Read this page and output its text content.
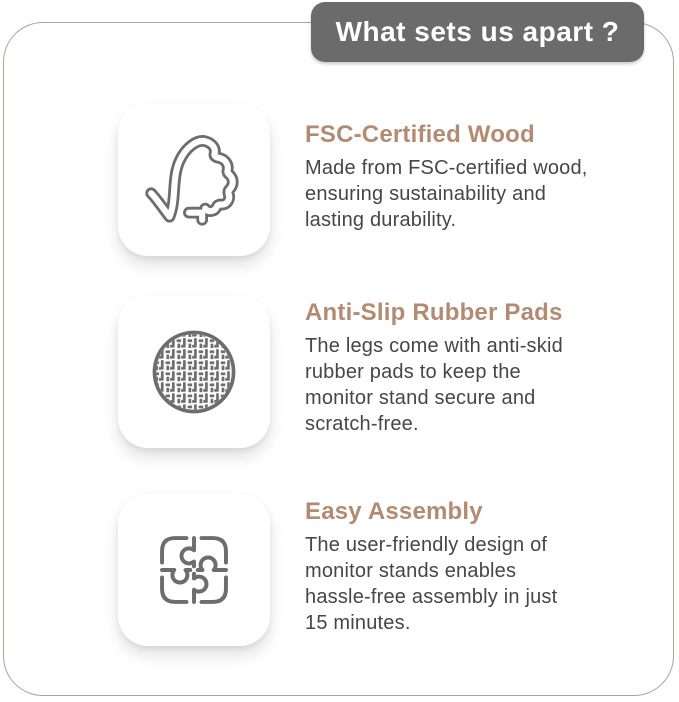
What sets us apart ?
FSC-Certified Wood

Made from FSC-certified wood,

ensuring sustainability and

lasting durability.

Anti-Slip Rubber Pads

The legs come with anti-skid

rubber pads to keep the

monitor stand secure and

scratch-free.

Easy Assembly

The user-friendly design of

monitor stands enables

hassle-free assembly in just

15 minutes.
